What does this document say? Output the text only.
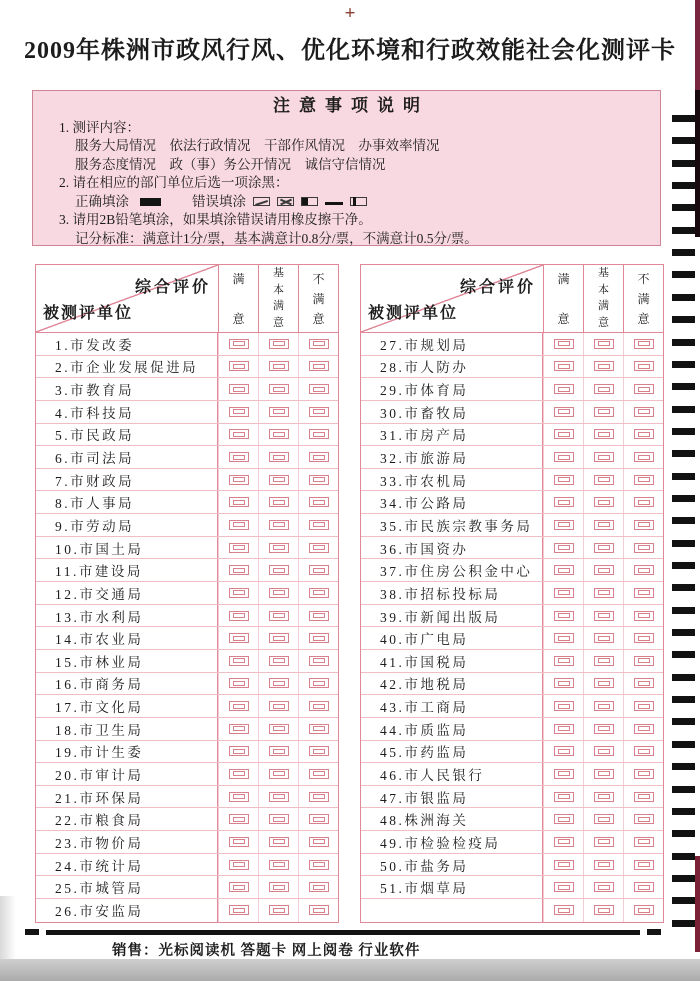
+
2009年株洲市政风行风、优化环境和行政效能社会化测评卡
注意事项说明
1. 测评内容：
服务大局情况　依法行政情况　干部作风情况　办事效率情况
服务态度情况　政（事）务公开情况　诚信守信情况
2. 请在相应的部门单位后选一项涂黑：
正确填涂	错误填涂
3. 请用2B铅笔填涂，如果填涂错误请用橡皮擦干净。
记分标准：满意计1分/票，基本满意计0.8分/票，不满意计0.5分/票。
综合评价
被测评单位
满
意
基
本
满
意
不
满
意
1.市发改委
2.市企业发展促进局
3.市教育局
4.市科技局
5.市民政局
6.市司法局
7.市财政局
8.市人事局
9.市劳动局
10.市国土局
11.市建设局
12.市交通局
13.市水利局
14.市农业局
15.市林业局
16.市商务局
17.市文化局
18.市卫生局
19.市计生委
20.市审计局
21.市环保局
22.市粮食局
23.市物价局
24.市统计局
25.市城管局
26.市安监局
综合评价
被测评单位
满
意
基
本
满
意
不
满
意
27.市规划局
28.市人防办
29.市体育局
30.市畜牧局
31.市房产局
32.市旅游局
33.市农机局
34.市公路局
35.市民族宗教事务局
36.市国资办
37.市住房公积金中心
38.市招标投标局
39.市新闻出版局
40.市广电局
41.市国税局
42.市地税局
43.市工商局
44.市质监局
45.市药监局
46.市人民银行
47.市银监局
48.株洲海关
49.市检验检疫局
50.市盐务局
51.市烟草局
销售：光标阅读机 答题卡 网上阅卷 行业软件
